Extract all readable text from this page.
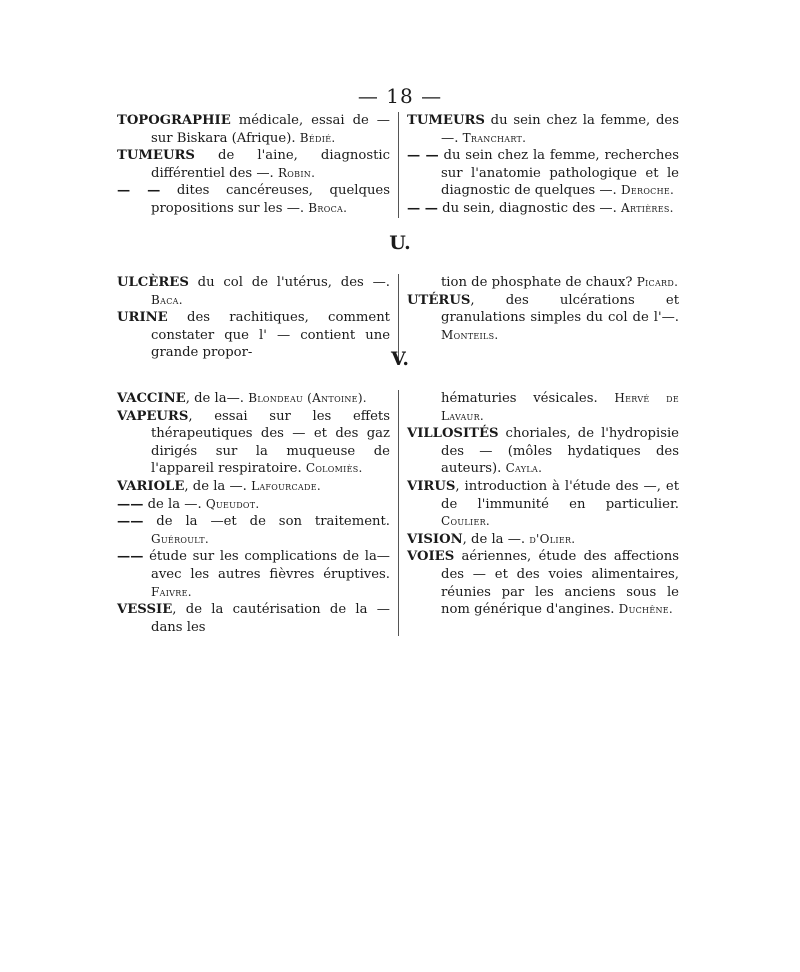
— 18 —

TOPOGRAPHIE médicale, essai de — sur Biskara (Afrique). Bédié.

TUMEURS de l'aine, diagnostic différentiel des —. Robin.

— — dites cancéreuses, quelques propositions sur les —. Broca.

TUMEURS du sein chez la femme, des —. Tranchart.

— — du sein chez la femme, recherches sur l'anatomie pathologique et le diagnostic de quelques —. Deroche.

— — du sein, diagnostic des —. Artières.

U.

ULCÈRES du col de l'utérus, des —. Baca.

URINE des rachitiques, comment constater que l' — contient une grande propor-

tion de phosphate de chaux? Picard.

UTÉRUS, des ulcérations et granulations simples du col de l'—. Monteils.

V.

VACCINE, de la—. Blondeau (Antoine).

VAPEURS, essai sur les effets thérapeutiques des — et des gaz dirigés sur la muqueuse de l'appareil respiratoire. Colomiès.

VARIOLE, de la —. Lafourcade.

—— de la —. Queudot.

—— de la —et de son traitement. Guéroult.

—— étude sur les complications de la—avec les autres fièvres éruptives. Faivre.

VESSIE, de la cautérisation de la — dans les

hématuries vésicales. Hervé de Lavaur.

VILLOSITÉS choriales, de l'hydropisie des — (môles hydatiques des auteurs). Cayla.

VIRUS, introduction à l'étude des —, et de l'immunité en particulier. Coulier.

VISION, de la —. d'Olier.

VOIES aériennes, étude des affections des — et des voies alimentaires, réunies par les anciens sous le nom générique d'angines. Duchêne.
